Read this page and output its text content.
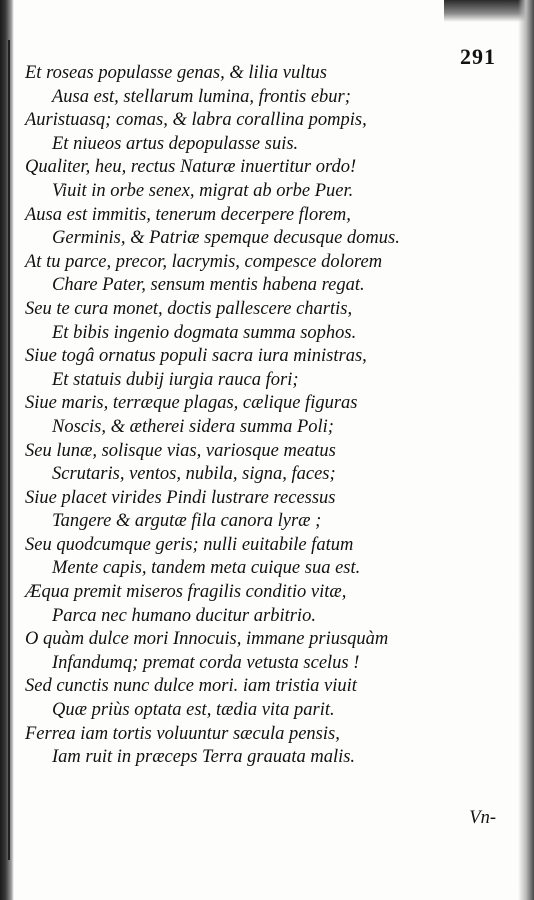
291
Et roseas populasse genas, & lilia vultus
Ausa est, stellarum lumina, frontis ebur;
Auristuasq; comas, & labra corallina pompis,
Et niueos artus depopulasse suis.
Qualiter, heu, rectus Naturæ inuertitur ordo!
Viuit in orbe senex, migrat ab orbe Puer.
Ausa est immitis, tenerum decerpere florem,
Germinis, & Patriæ spemque decusque domus.
At tu parce, precor, lacrymis, compesce dolorem
Chare Pater, sensum mentis habena regat.
Seu te cura monet, doctis pallescere chartis,
Et bibis ingenio dogmata summa sophos.
Siue togâ ornatus populi sacra iura ministras,
Et statuis dubij iurgia rauca fori;
Siue maris, terræque plagas, cælique figuras
Noscis, & ætherei sidera summa Poli;
Seu lunæ, solisque vias, variosque meatus
Scrutaris, ventos, nubila, signa, faces;
Siue placet virides Pindi lustrare recessus
Tangere & argutæ fila canora lyræ ;
Seu quodcumque geris; nulli euitabile fatum
Mente capis, tandem meta cuique sua est.
Æqua premit miseros fragilis conditio vitæ,
Parca nec humano ducitur arbitrio.
O quàm dulce mori Innocuis, immane priusquàm
Infandumq; premat corda vetusta scelus !
Sed cunctis nunc dulce mori. iam tristia viuit
Quæ priùs optata est, tædia vita parit.
Ferrea iam tortis voluuntur sæcula pensis,
Iam ruit in præceps Terra grauata malis.
Vn-
